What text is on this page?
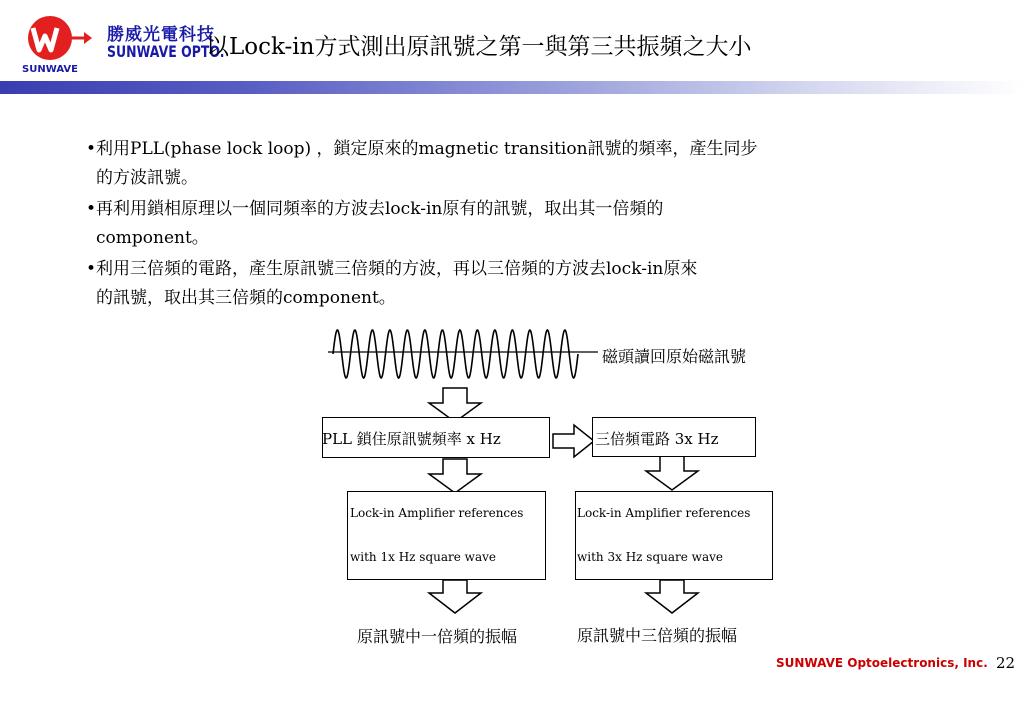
SUNWAVE
勝威光電科技
SUNWAVE OPTO.
以Lock-in方式測出原訊號之第一與第三共振頻之大小
• 利用PLL(phase lock loop) ，鎖定原來的magnetic transition訊號的頻率，產生同步
的方波訊號。
• 再利用鎖相原理以一個同頻率的方波去lock-in原有的訊號，取出其一倍頻的
component。
• 利用三倍頻的電路，產生原訊號三倍頻的方波，再以三倍頻的方波去lock-in原來
的訊號，取出其三倍頻的component。
磁頭讀回原始磁訊號
PLL 鎖住原訊號頻率 x Hz	三倍頻電路 3x Hz
Lock-in Amplifier references
with 1x Hz square wave
Lock-in Amplifier references
with 3x Hz square wave
原訊號中一倍頻的振幅	原訊號中三倍頻的振幅
SUNWAVE Optoelectronics, Inc. 22
